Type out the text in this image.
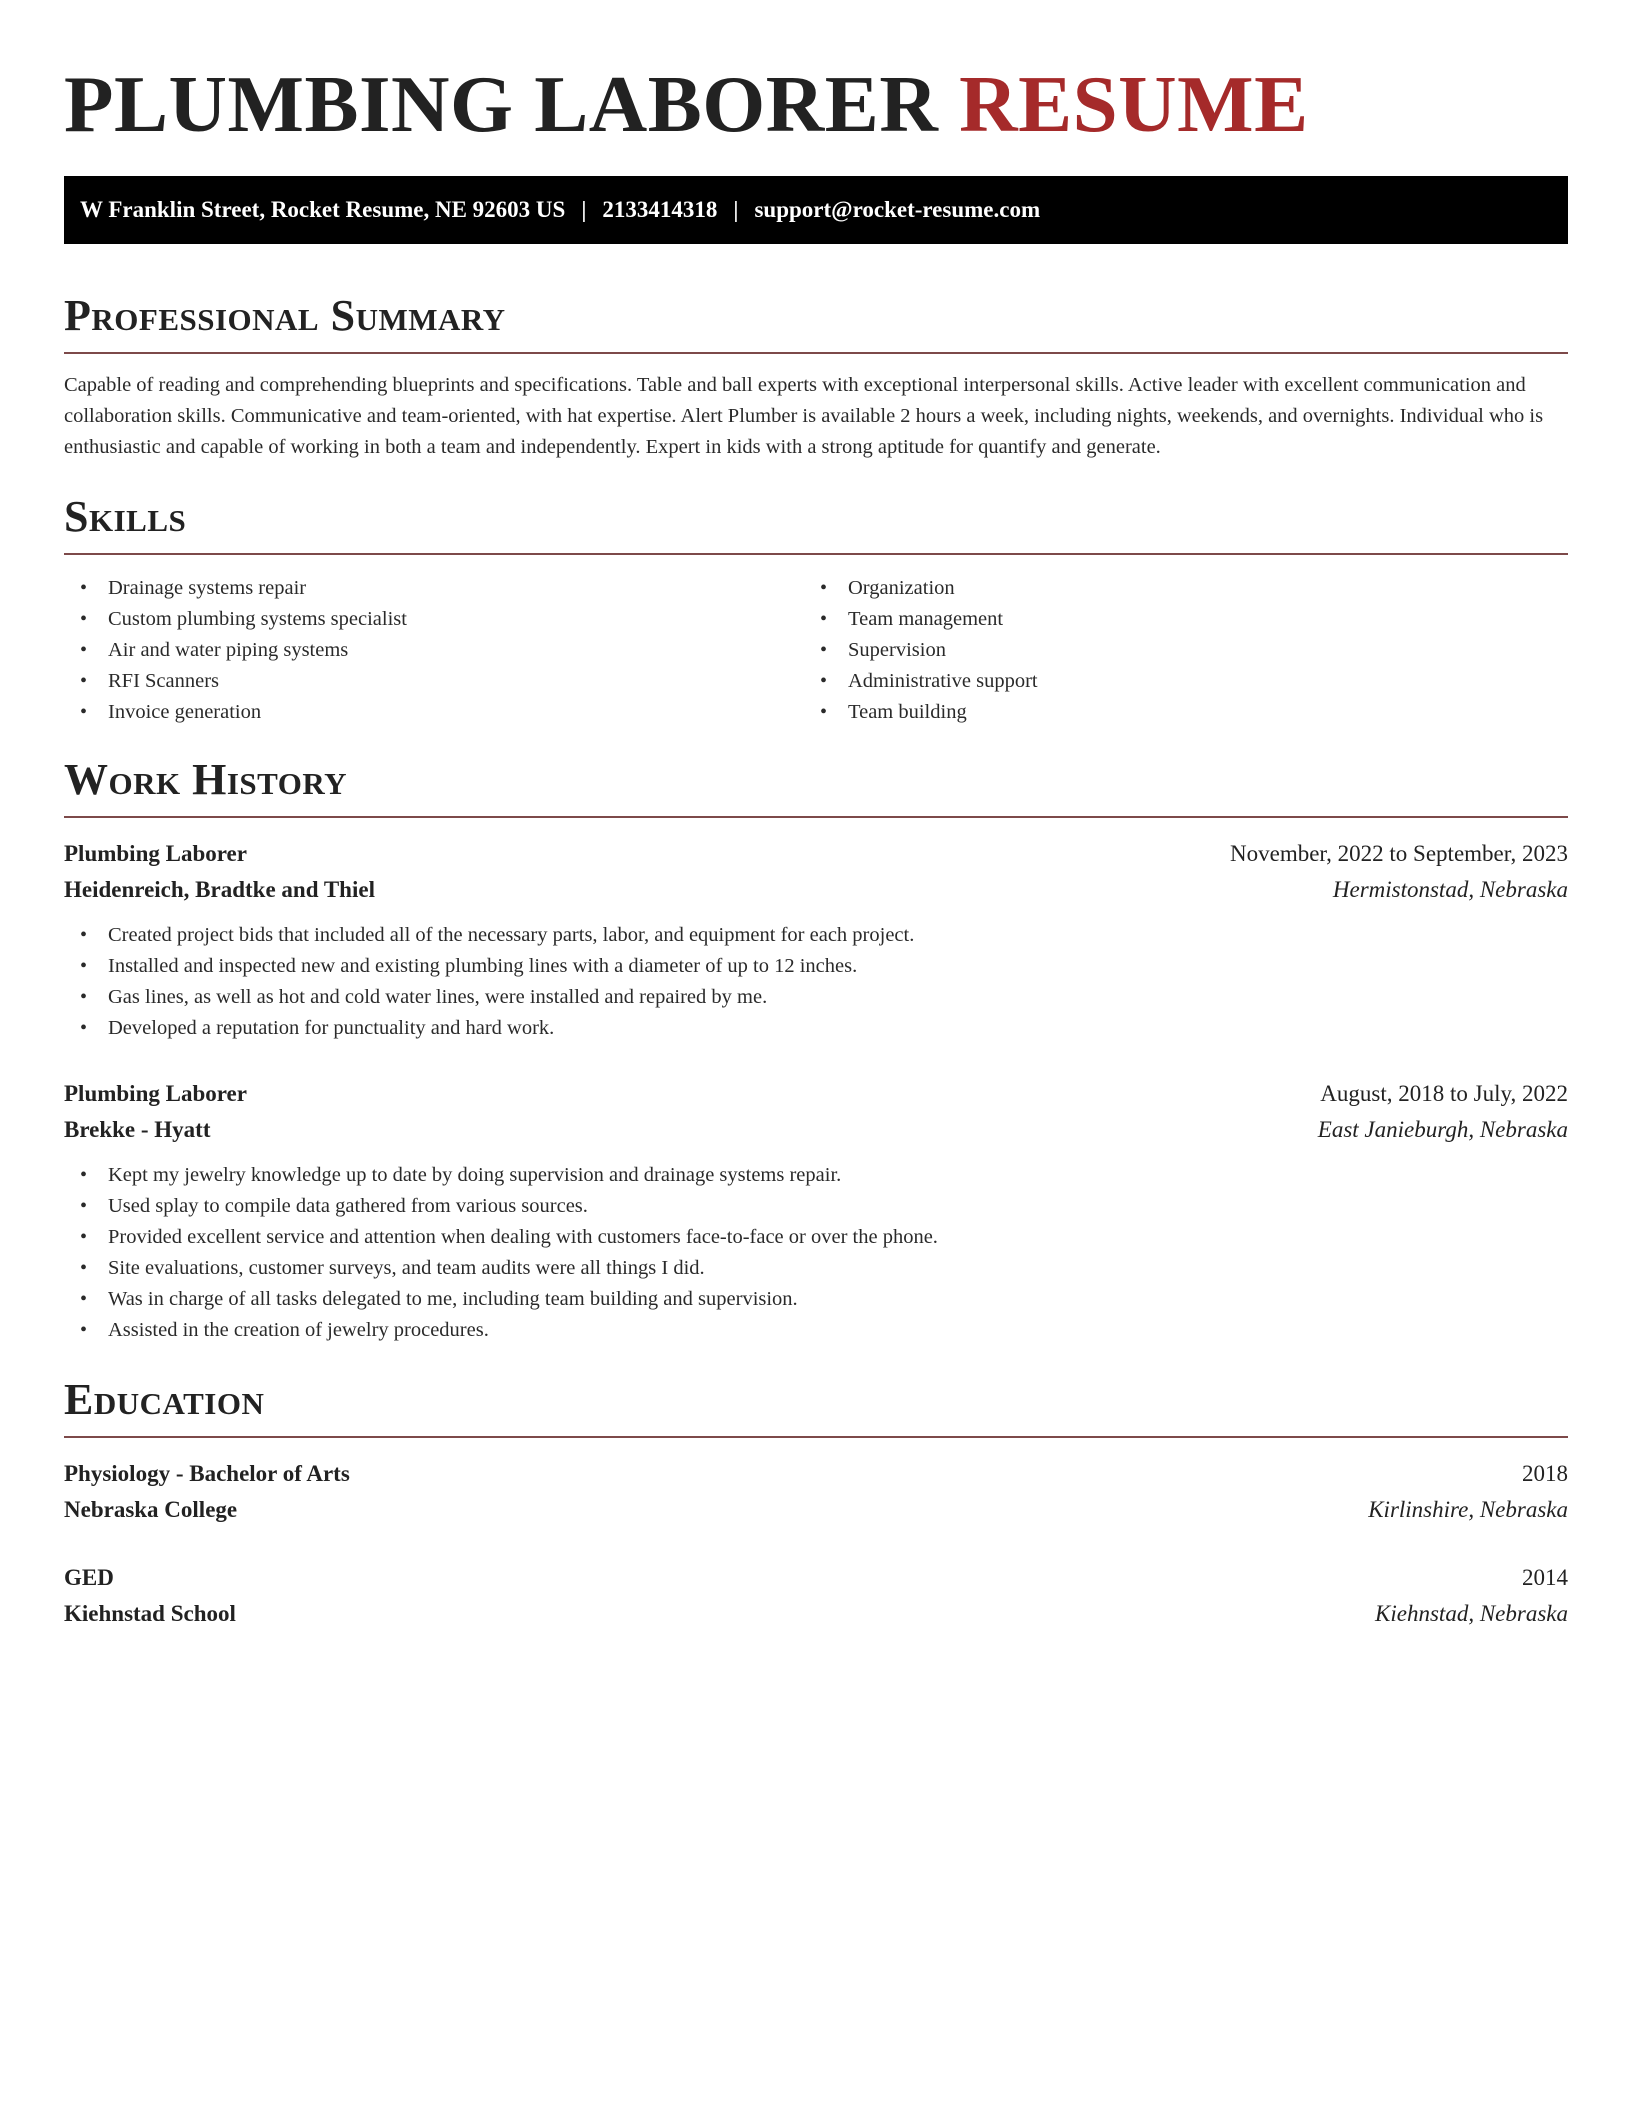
PLUMBING LABORER RESUME
W Franklin Street, Rocket Resume, NE 92603 US | 2133414318 | support@rocket-resume.com
Professional Summary

Capable of reading and comprehending blueprints and specifications. Table and ball experts with exceptional interpersonal skills. Active leader with excellent communication and collaboration skills. Communicative and team-oriented, with hat expertise. Alert Plumber is available 2 hours a week, including nights, weekends, and overnights. Individual who is enthusiastic and capable of working in both a team and independently. Expert in kids with a strong aptitude for quantify and generate.

Skills
• Drainage systems repair
• Custom plumbing systems specialist
• Air and water piping systems
• RFI Scanners
• Invoice generation
• Organization
• Team management
• Supervision
• Administrative support
• Team building
Work History
Plumbing Laborer	November, 2022 to September, 2023
Heidenreich, Bradtke and Thiel	Hermistonstad, Nebraska
• Created project bids that included all of the necessary parts, labor, and equipment for each project.
• Installed and inspected new and existing plumbing lines with a diameter of up to 12 inches.
• Gas lines, as well as hot and cold water lines, were installed and repaired by me.
• Developed a reputation for punctuality and hard work.
Plumbing Laborer	August, 2018 to July, 2022
Brekke - Hyatt	East Janieburgh, Nebraska
• Kept my jewelry knowledge up to date by doing supervision and drainage systems repair.
• Used splay to compile data gathered from various sources.
• Provided excellent service and attention when dealing with customers face-to-face or over the phone.
• Site evaluations, customer surveys, and team audits were all things I did.
• Was in charge of all tasks delegated to me, including team building and supervision.
• Assisted in the creation of jewelry procedures.
Education
Physiology - Bachelor of Arts	2018
Nebraska College	Kirlinshire, Nebraska
GED	2014
Kiehnstad School	Kiehnstad, Nebraska
